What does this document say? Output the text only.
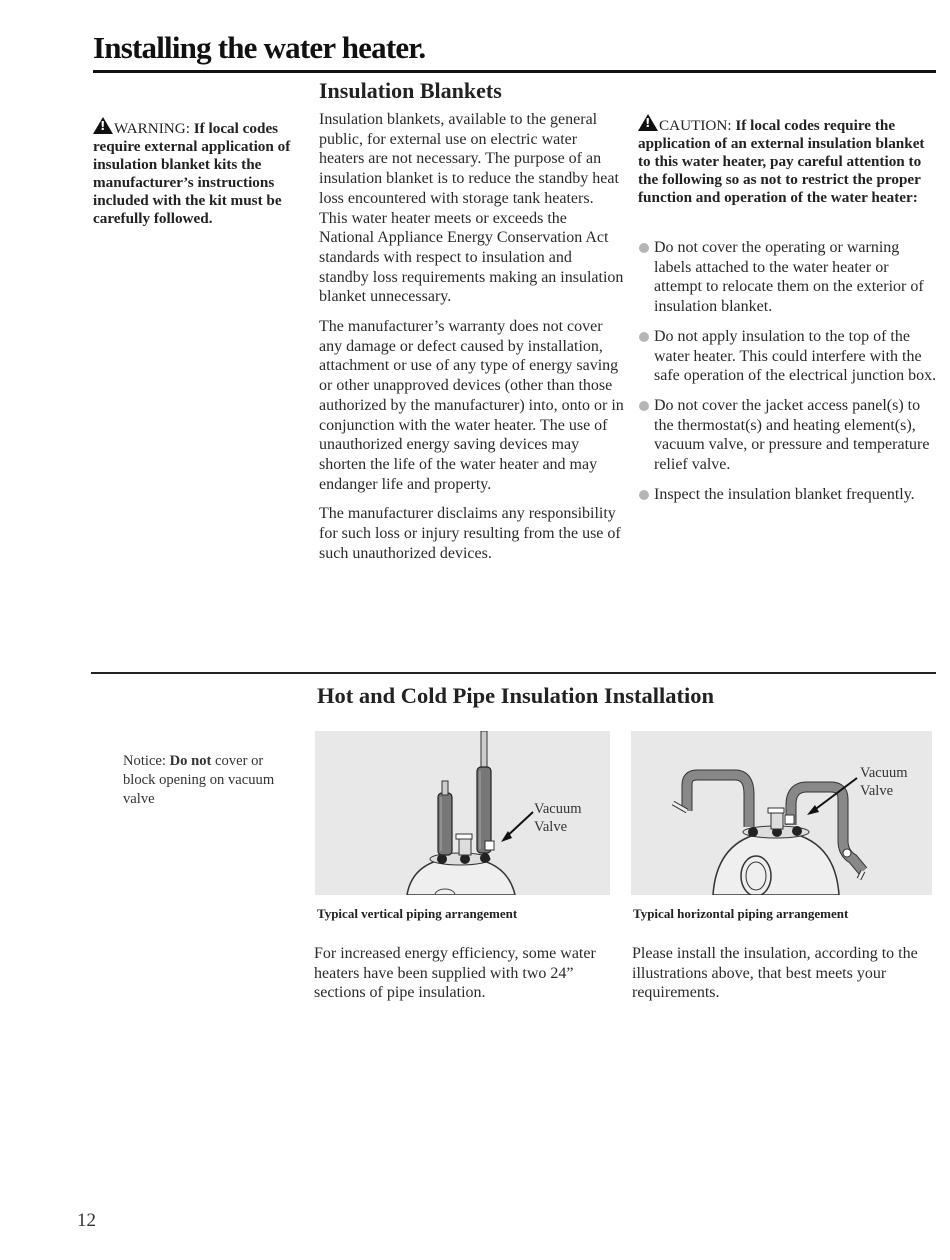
Installing the water heater.
Insulation Blankets
!WARNING: If local codes require external application of insulation blanket kits the manufacturer’s instructions included with the kit must be carefully followed.

Insulation blankets, available to the general public, for external use on electric water heaters are not necessary. The purpose of an insulation blanket is to reduce the standby heat loss encountered with storage tank heaters. This water heater meets or exceeds the National Appliance Energy Conservation Act standards with respect to insulation and standby loss requirements making an insulation blanket unnecessary.

The manufacturer’s warranty does not cover any damage or defect caused by installation, attachment or use of any type of energy saving or other unapproved devices (other than those authorized by the manufacturer) into, onto or in conjunction with the water heater. The use of unauthorized energy saving devices may shorten the life of the water heater and may endanger life and property.

The manufacturer disclaims any responsibility for such loss or injury resulting from the use of such unauthorized devices.

!CAUTION: If local codes require the application of an external insulation blanket to this water heater, pay careful attention to the following so as not to restrict the proper function and operation of the water heater:
Do not cover the operating or warning labels attached to the water heater or attempt to relocate them on the exterior of insulation blanket.
Do not apply insulation to the top of the water heater. This could interfere with the safe operation of the electrical junction box.
Do not cover the jacket access panel(s) to the thermostat(s) and heating element(s), vacuum valve, or pressure and temperature relief valve.
Inspect the insulation blanket frequently.
Hot and Cold Pipe Insulation Installation
Notice: Do not cover or block opening on vacuum valve
Vacuum
Valve
Vacuum
Valve
Typical vertical piping arrangement	Typical horizontal piping arrangement
For increased energy efficiency, some water heaters have been supplied with two 24” sections of pipe insulation.
Please install the insulation, according to the illustrations above, that best meets your requirements.
12
